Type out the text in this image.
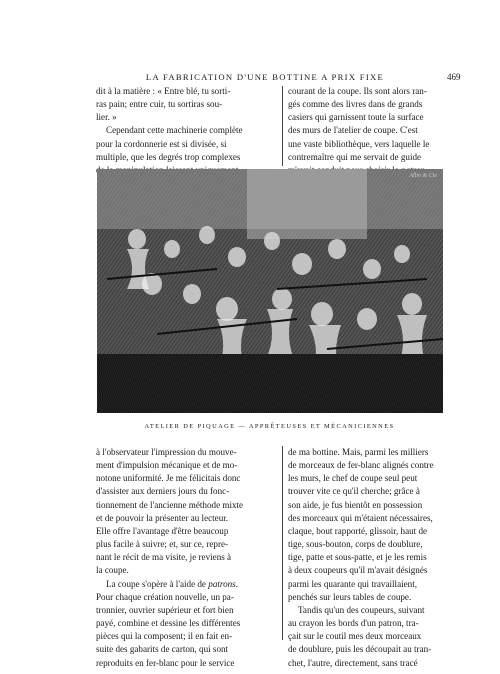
LA FABRICATION D'UNE BOTTINE A PRIX FIXE	469

dit à la matière : « Entre blé, tu sorti-

ras pain; entre cuir, tu sortiras sou-

lier. »

Cependant cette machinerie complète

pour la cordonnerie est si divisée, si

multiple, que les degrés trop complexes

courant de la coupe. Ils sont alors ran-

gés comme des livres dans de grands

casiers qui garnissent toute la surface

des murs de l'atelier de coupe. C'est

une vaste bibliothèque, vers laquelle le

contremaître qui me servait de guide

Allin & Cie
ATELIER DE PIQUAGE — APPRÊTEUSES ET MÉCANICIENNES

à l'observateur l'impression du mouve-

ment d'impulsion mécanique et de mo-

notone uniformité. Je me félicitais donc

d'assister aux derniers jours du fonc-

tionnement de l'ancienne méthode mixte

et de pouvoir la présenter au lecteur.

Elle offre l'avantage d'être beaucoup

plus facile à suivre; et, sur ce, repre-

nant le récit de ma visite, je reviens à

la coupe.

La coupe s'opère à l'aide de patrons.

Pour chaque création nouvelle, un pa-

tronnier, ouvrier supérieur et fort bien

payé, combine et dessine les différentes

pièces qui la composent; il en fait en-

suite des gabarits de carton, qui sont

reproduits en fer-blanc pour le service

de ma bottine. Mais, parmi les milliers

de morceaux de fer-blanc alignés contre

les murs, le chef de coupe seul peut

trouver vite ce qu'il cherche; grâce à

son aide, je fus bientôt en possession

des morceaux qui m'étaient nécessaires,

claque, bout rapporté, glissoir, haut de

tige, sous-bouton, corps de doublure,

tige, patte et sous-patte, et je les remis

à deux coupeurs qu'il m'avait désignés

parmi les quarante qui travaillaient,

penchés sur leurs tables de coupe.

Tandis qu'un des coupeurs, suivant

au crayon les bords d'un patron, tra-

çait sur le coutil mes deux morceaux

de doublure, puis les découpait au tran-

chet, l'autre, directement, sans tracé
